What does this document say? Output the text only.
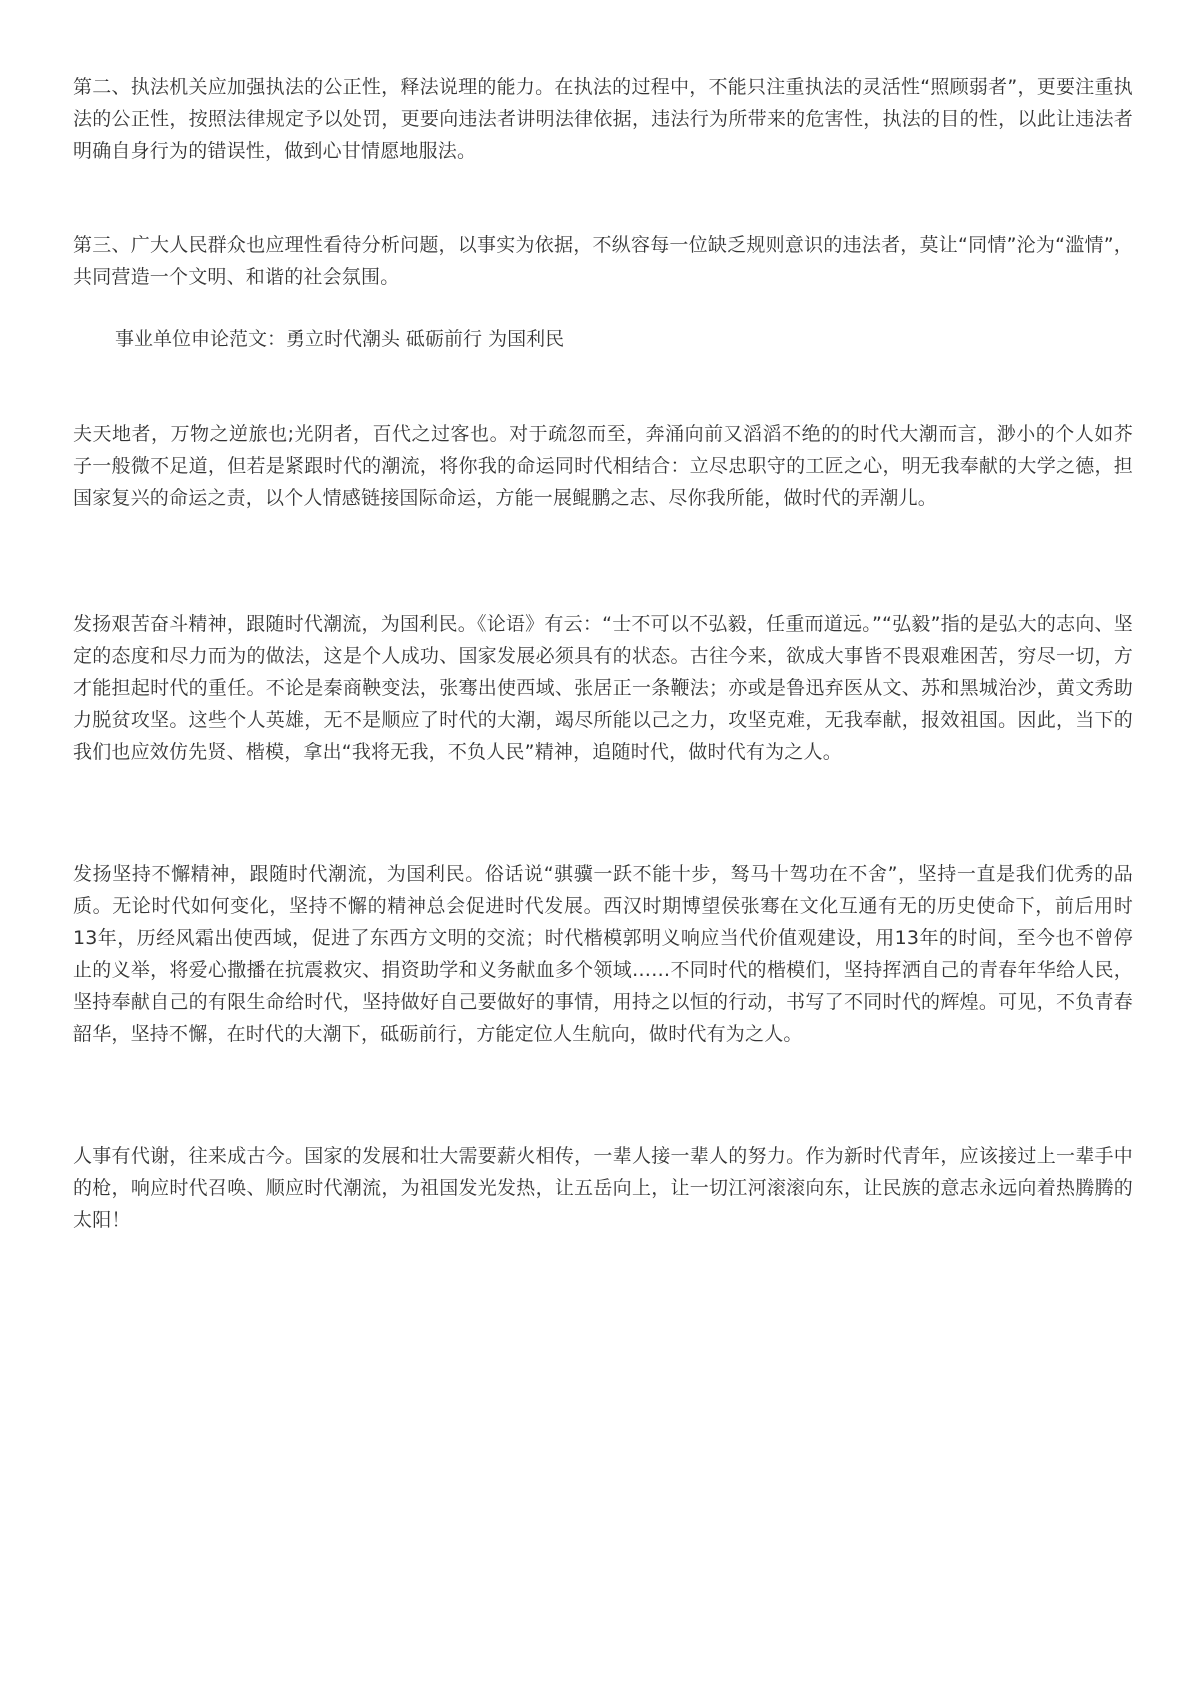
第二、执法机关应加强执法的公正性，释法说理的能力。在执法的过程中，不能只注重执法的灵活性“照顾弱者”，更要注重执法的公正性，按照法律规定予以处罚，更要向违法者讲明法律依据，违法行为所带来的危害性，执法的目的性，以此让违法者明确自身行为的错误性，做到心甘情愿地服法。

第三、广大人民群众也应理性看待分析问题，以事实为依据，不纵容每一位缺乏规则意识的违法者，莫让“同情”沦为“滥情”，共同营造一个文明、和谐的社会氛围。

事业单位申论范文：勇立时代潮头 砥砺前行 为国利民

夫天地者，万物之逆旅也;光阴者，百代之过客也。对于疏忽而至，奔涌向前又滔滔不绝的的时代大潮而言，渺小的个人如芥子一般微不足道，但若是紧跟时代的潮流，将你我的命运同时代相结合：立尽忠职守的工匠之心，明无我奉献的大学之德，担国家复兴的命运之责，以个人情感链接国际命运，方能一展鲲鹏之志、尽你我所能，做时代的弄潮儿。

发扬艰苦奋斗精神，跟随时代潮流，为国利民。《论语》有云：“士不可以不弘毅，任重而道远。”“弘毅”指的是弘大的志向、坚定的态度和尽力而为的做法，这是个人成功、国家发展必须具有的状态。古往今来，欲成大事皆不畏艰难困苦，穷尽一切，方才能担起时代的重任。不论是秦商鞅变法，张骞出使西域、张居正一条鞭法；亦或是鲁迅弃医从文、苏和黑城治沙，黄文秀助力脱贫攻坚。这些个人英雄，无不是顺应了时代的大潮，竭尽所能以己之力，攻坚克难，无我奉献，报效祖国。因此，当下的我们也应效仿先贤、楷模，拿出“我将无我，不负人民”精神，追随时代，做时代有为之人。

发扬坚持不懈精神，跟随时代潮流，为国利民。俗话说“骐骥一跃不能十步，驽马十驾功在不舍”，坚持一直是我们优秀的品质。无论时代如何变化，坚持不懈的精神总会促进时代发展。西汉时期博望侯张骞在文化互通有无的历史使命下，前后用时13年，历经风霜出使西域，促进了东西方文明的交流；时代楷模郭明义响应当代价值观建设，用13年的时间，至今也不曾停止的义举，将爱心撒播在抗震救灾、捐资助学和义务献血多个领域……不同时代的楷模们，坚持挥洒自己的青春年华给人民，坚持奉献自己的有限生命给时代，坚持做好自己要做好的事情，用持之以恒的行动，书写了不同时代的辉煌。可见，不负青春韶华，坚持不懈，在时代的大潮下，砥砺前行，方能定位人生航向，做时代有为之人。

人事有代谢，往来成古今。国家的发展和壮大需要薪火相传，一辈人接一辈人的努力。作为新时代青年，应该接过上一辈手中的枪，响应时代召唤、顺应时代潮流，为祖国发光发热，让五岳向上，让一切江河滚滚向东，让民族的意志永远向着热腾腾的太阳！
